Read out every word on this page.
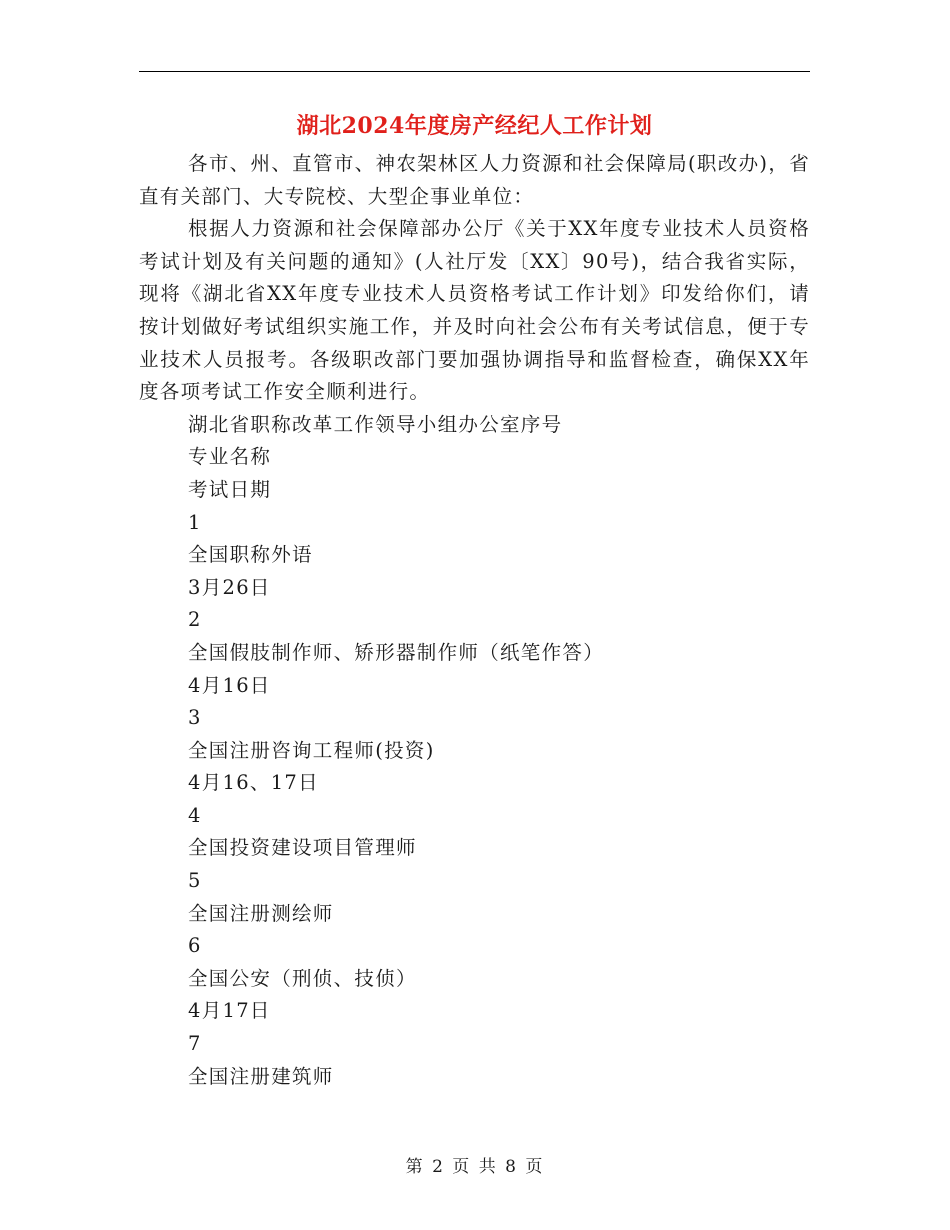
湖北2024年度房产经纪人工作计划

各市、州、直管市、神农架林区人力资源和社会保障局(职改办)，省直有关部门、大专院校、大型企事业单位：

根据人力资源和社会保障部办公厅《关于XX年度专业技术人员资格考试计划及有关问题的通知》(人社厅发〔XX〕90号)，结合我省实际，现将《湖北省XX年度专业技术人员资格考试工作计划》印发给你们，请按计划做好考试组织实施工作，并及时向社会公布有关考试信息，便于专业技术人员报考。各级职改部门要加强协调指导和监督检查，确保XX年度各项考试工作安全顺利进行。

湖北省职称改革工作领导小组办公室序号

专业名称

考试日期

1

全国职称外语

3月26日

2

全国假肢制作师、矫形器制作师（纸笔作答）

4月16日

3

全国注册咨询工程师(投资)

4月16、17日

4

全国投资建设项目管理师

5

全国注册测绘师

6

全国公安（刑侦、技侦）

4月17日

7

全国注册建筑师

第 2 页 共 8 页
